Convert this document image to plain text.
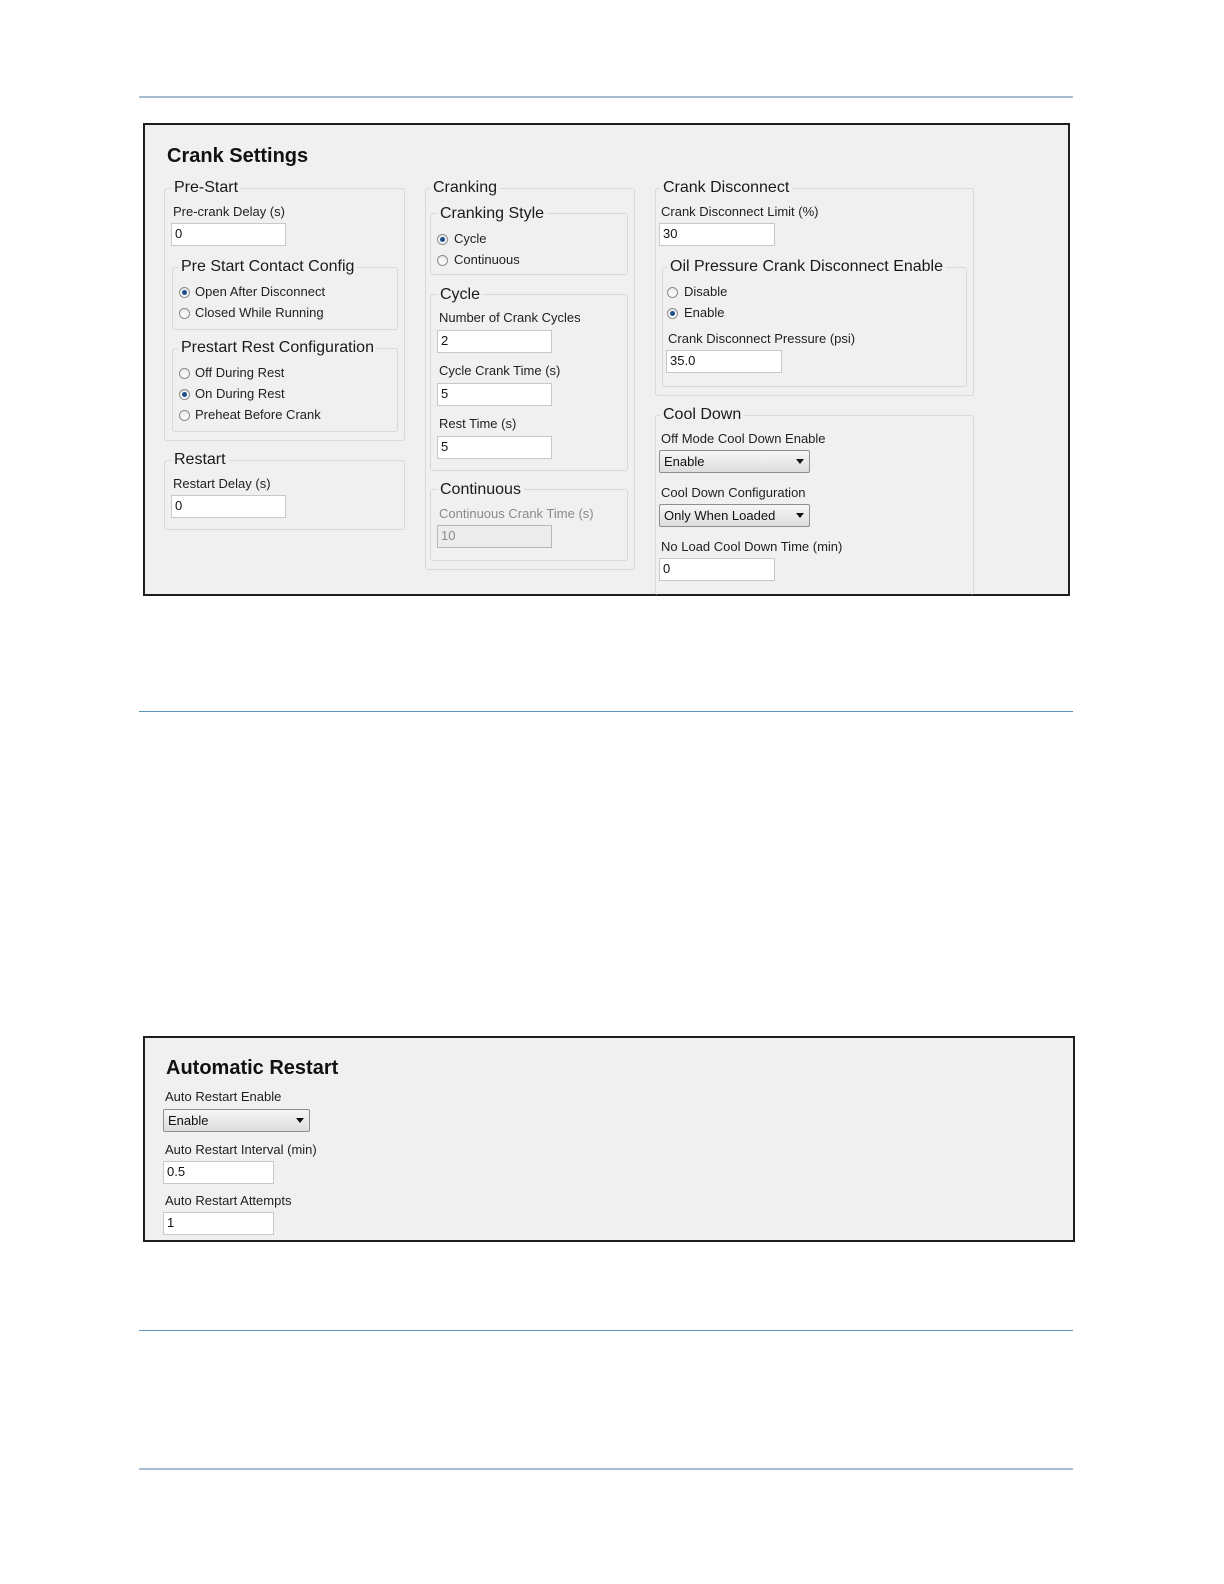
Crank Settings
Pre-Start
Pre-crank Delay (s)
0
Pre Start Contact Config
Open After Disconnect
Closed While Running
Prestart Rest Configuration
Off During Rest
On During Rest
Preheat Before Crank
Restart
Restart Delay (s)
0
Cranking
Cranking Style
Cycle
Continuous
Cycle
Number of Crank Cycles
2
Cycle Crank Time (s)
5
Rest Time (s)
5
Continuous
Continuous Crank Time (s)
10
Crank Disconnect
Crank Disconnect Limit (%)
30
Oil Pressure Crank Disconnect Enable
Disable
Enable
Crank Disconnect Pressure (psi)
35.0
Cool Down
Off Mode Cool Down Enable
Enable
Cool Down Configuration
Only When Loaded
No Load Cool Down Time (min)
0
Automatic Restart
Auto Restart Enable
Enable
Auto Restart Interval (min)
0.5
Auto Restart Attempts
1
